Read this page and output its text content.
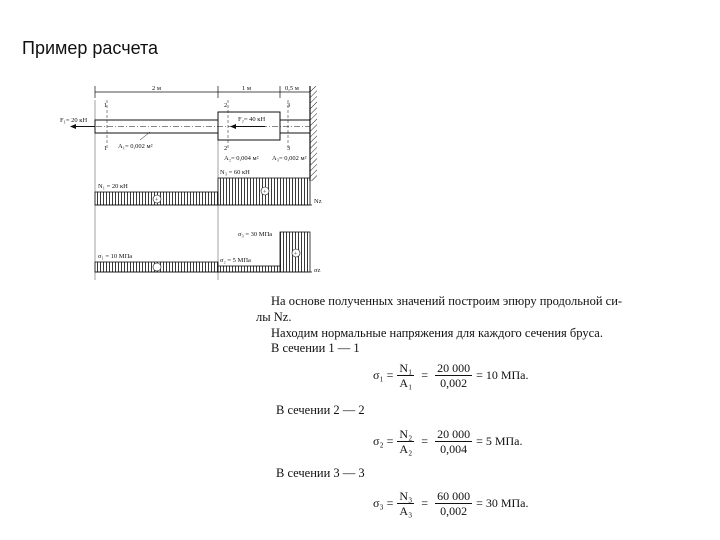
Пример расчета
2 м	1 м	0,5 м
1	2	3
1	2	3
F₁= 20 кН	F₂= 40 кН
A₁= 0,002 м²
A₂= 0,004 м² A₃= 0,002 м²
+
+
N₁ = 20 кН
N₃ = 60 кН
Nz
+
σ₁ = 10 МПа
σ₂ = 5 МПа
σ₃ = 30 МПа
σz
На основе полученных значений построим эпюру продольной си-
лы Nz.
Находим нормальные напряжения для каждого сечения бруса.
В сечении 1 — 1
$\sigma_1 = \frac{\text{N₁}}{\text{A₁}} = \frac{20 000}{0,002} = 10$ МПа.
В сечении 2 — 2
$\sigma_2 = \frac{\text{N₂}}{\text{A₂}} = \frac{20 000}{0,004} = 5$ МПа.
В сечении 3 — 3
$\sigma_3 = \frac{\text{N₃}}{\text{A₃}} = \frac{60 000}{0,002} = 30$ МПа.
